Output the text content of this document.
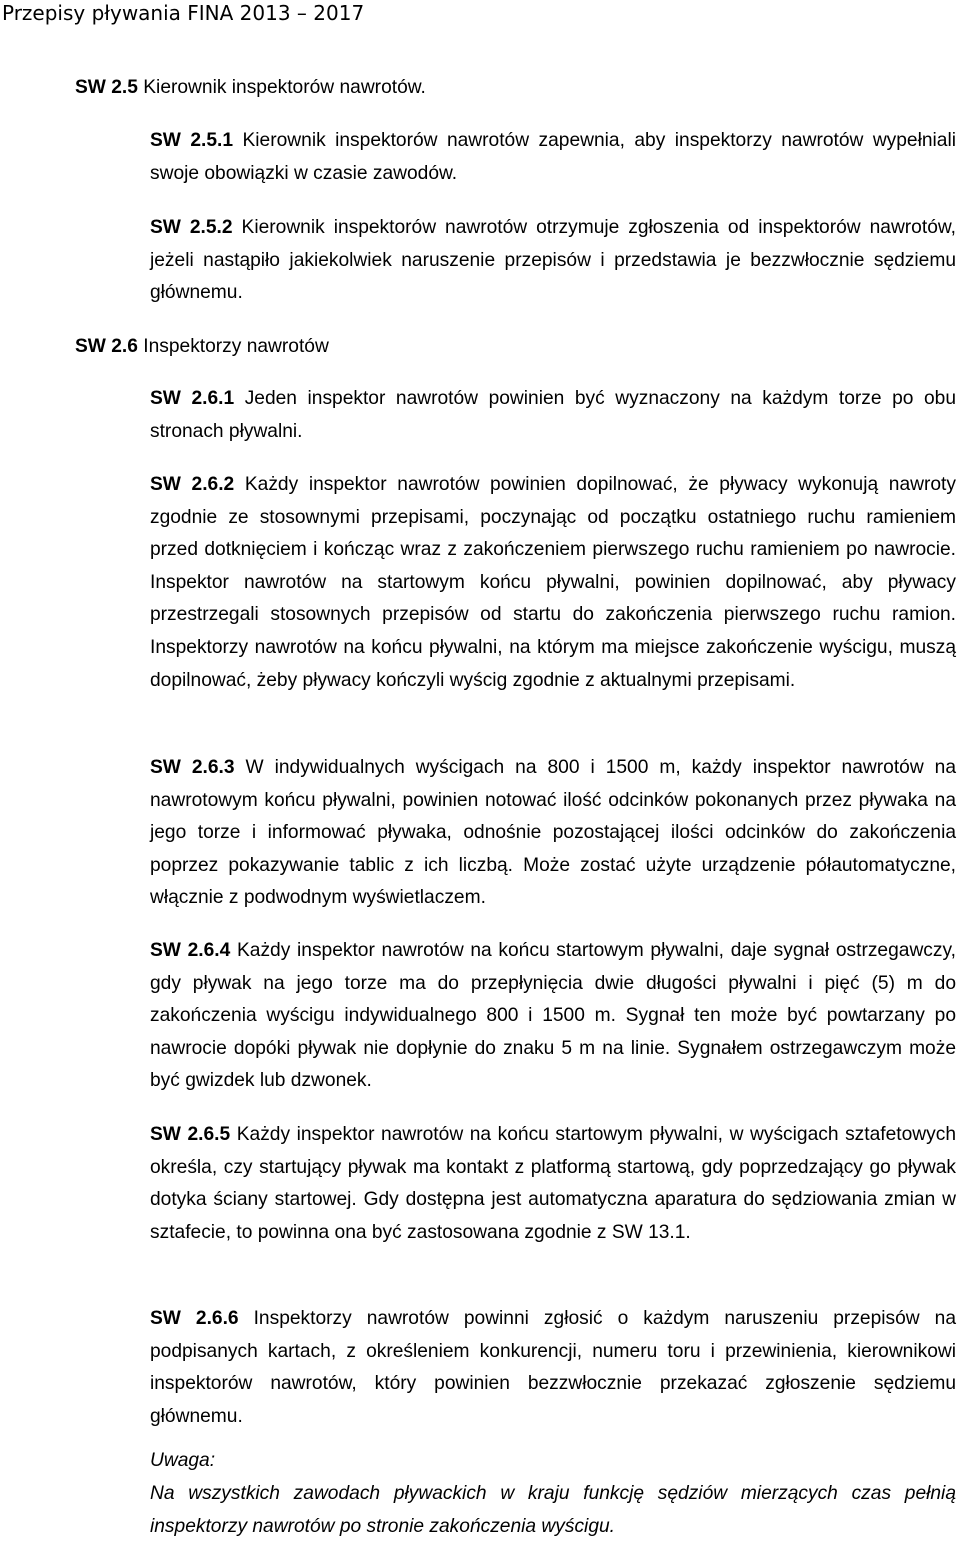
Przepisy pływania FINA 2013 – 2017
SW 2.5 Kierownik inspektorów nawrotów.
SW 2.5.1 Kierownik inspektorów nawrotów zapewnia, aby inspektorzy nawrotów wypełniali swoje obowiązki w czasie zawodów.
SW 2.5.2 Kierownik inspektorów nawrotów otrzymuje zgłoszenia od inspektorów nawrotów, jeżeli nastąpiło jakiekolwiek naruszenie przepisów i przedstawia je bezzwłocznie sędziemu głównemu.
SW 2.6 Inspektorzy nawrotów
SW 2.6.1 Jeden inspektor nawrotów powinien być wyznaczony na każdym torze po obu stronach pływalni.
SW 2.6.2 Każdy inspektor nawrotów powinien dopilnować, że pływacy wykonują nawroty zgodnie ze stosownymi przepisami, poczynając od początku ostatniego ruchu ramieniem przed dotknięciem i kończąc wraz z zakończeniem pierwszego ruchu ramieniem po nawrocie. Inspektor nawrotów na startowym końcu pływalni, powinien dopilnować, aby pływacy przestrzegali stosownych przepisów od startu do zakończenia pierwszego ruchu ramion. Inspektorzy nawrotów na końcu pływalni, na którym ma miejsce zakończenie wyścigu, muszą dopilnować, żeby pływacy kończyli wyścig zgodnie z aktualnymi przepisami.
SW 2.6.3 W indywidualnych wyścigach na 800 i 1500 m, każdy inspektor nawrotów na nawrotowym końcu pływalni, powinien notować ilość odcinków pokonanych przez pływaka na jego torze i informować pływaka, odnośnie pozostającej ilości odcinków do zakończenia poprzez pokazywanie tablic z ich liczbą. Może zostać użyte urządzenie półautomatyczne, włącznie z podwodnym wyświetlaczem.
SW 2.6.4 Każdy inspektor nawrotów na końcu startowym pływalni, daje sygnał ostrzegawczy, gdy pływak na jego torze ma do przepłynięcia dwie długości pływalni i pięć (5) m do zakończenia wyścigu indywidualnego 800 i 1500 m. Sygnał ten może być powtarzany po nawrocie dopóki pływak nie dopłynie do znaku 5 m na linie. Sygnałem ostrzegawczym może być gwizdek lub dzwonek.
SW 2.6.5 Każdy inspektor nawrotów na końcu startowym pływalni, w wyścigach sztafetowych określa, czy startujący pływak ma kontakt z platformą startową, gdy poprzedzający go pływak dotyka ściany startowej. Gdy dostępna jest automatyczna aparatura do sędziowania zmian w sztafecie, to powinna ona być zastosowana zgodnie z SW 13.1.
SW 2.6.6 Inspektorzy nawrotów powinni zgłosić o każdym naruszeniu przepisów na podpisanych kartach, z określeniem konkurencji, numeru toru i przewinienia, kierownikowi inspektorów nawrotów, który powinien bezzwłocznie przekazać zgłoszenie sędziemu głównemu.
Uwaga:
Na wszystkich zawodach pływackich w kraju funkcję sędziów mierzących czas pełnią inspektorzy nawrotów po stronie zakończenia wyścigu.
